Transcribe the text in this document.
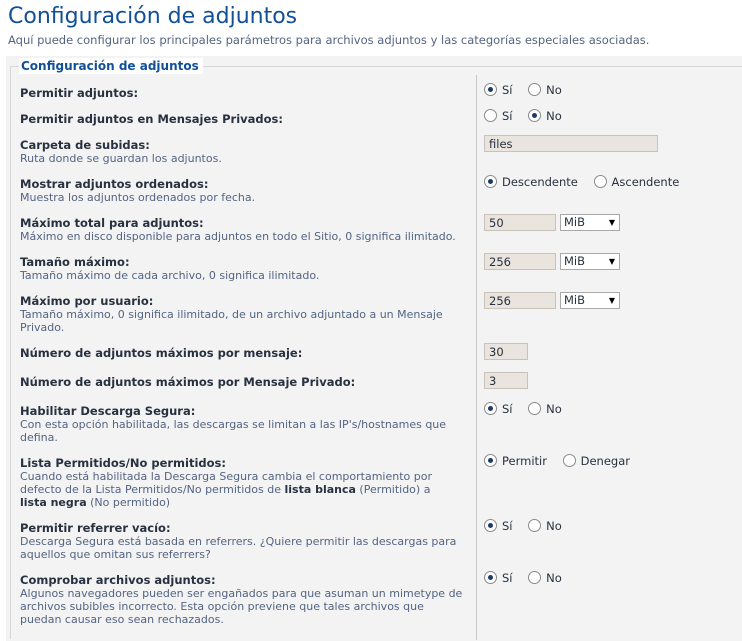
Configuración de adjuntos
Aquí puede configurar los principales parámetros para archivos adjuntos y las categorías especiales asociadas.
Configuración de adjuntos
Permitir adjuntos:	Sí	No
Permitir adjuntos en Mensajes Privados:	Sí	No
Carpeta de subidas:
Ruta donde se guardan los adjuntos.
files
Mostrar adjuntos ordenados:
Muestra los adjuntos ordenados por fecha.
Descendente	Ascendente
Máximo total para adjuntos:
Máximo en disco disponible para adjuntos en todo el Sitio, 0 significa ilimitado.
50	MiB	▼
Tamaño máximo:
Tamaño máximo de cada archivo, 0 significa ilimitado.
256	MiB	▼
Máximo por usuario:
Tamaño máximo, 0 significa ilimitado, de un archivo adjuntado a un Mensaje Privado.
256	MiB	▼
Número de adjuntos máximos por mensaje:	30
Número de adjuntos máximos por Mensaje Privado:	3
Habilitar Descarga Segura:
Con esta opción habilitada, las descargas se limitan a las IP's/hostnames que defina.
Sí	No
Lista Permitidos/No permitidos:
Cuando está habilitada la Descarga Segura cambia el comportamiento por defecto de la Lista Permitidos/No permitidos de lista blanca (Permitido) a lista negra (No permitido)
Permitir	Denegar
Permitir referrer vacío:
Descarga Segura está basada en referrers. ¿Quiere permitir las descargas para aquellos que omitan sus referrers?
Sí	No
Comprobar archivos adjuntos:
Algunos navegadores pueden ser engañados para que asuman un mimetype de archivos subibles incorrecto. Esta opción previene que tales archivos que puedan causar eso sean rechazados.
Sí	No
